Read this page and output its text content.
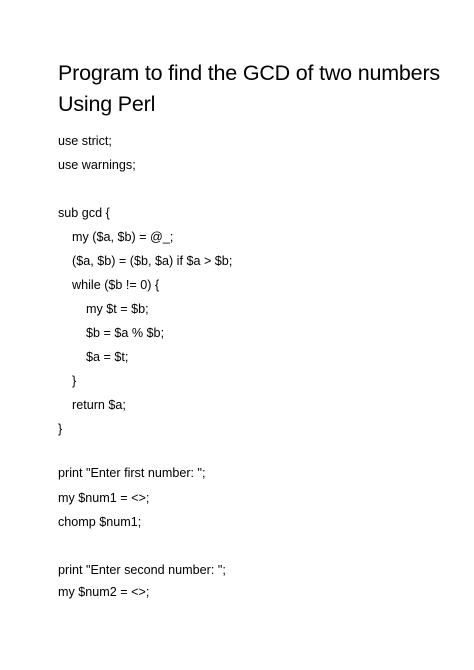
Program to find the GCD of two numbers
Using Perl
use strict;
use warnings;
sub gcd {
my ($a, $b) = @_;
($a, $b) = ($b, $a) if $a > $b;
while ($b != 0) {
my $t = $b;
$b = $a % $b;
$a = $t;
}
return $a;
}
print "Enter first number: ";
my $num1 = <>;
chomp $num1;
print "Enter second number: ";
my $num2 = <>;
